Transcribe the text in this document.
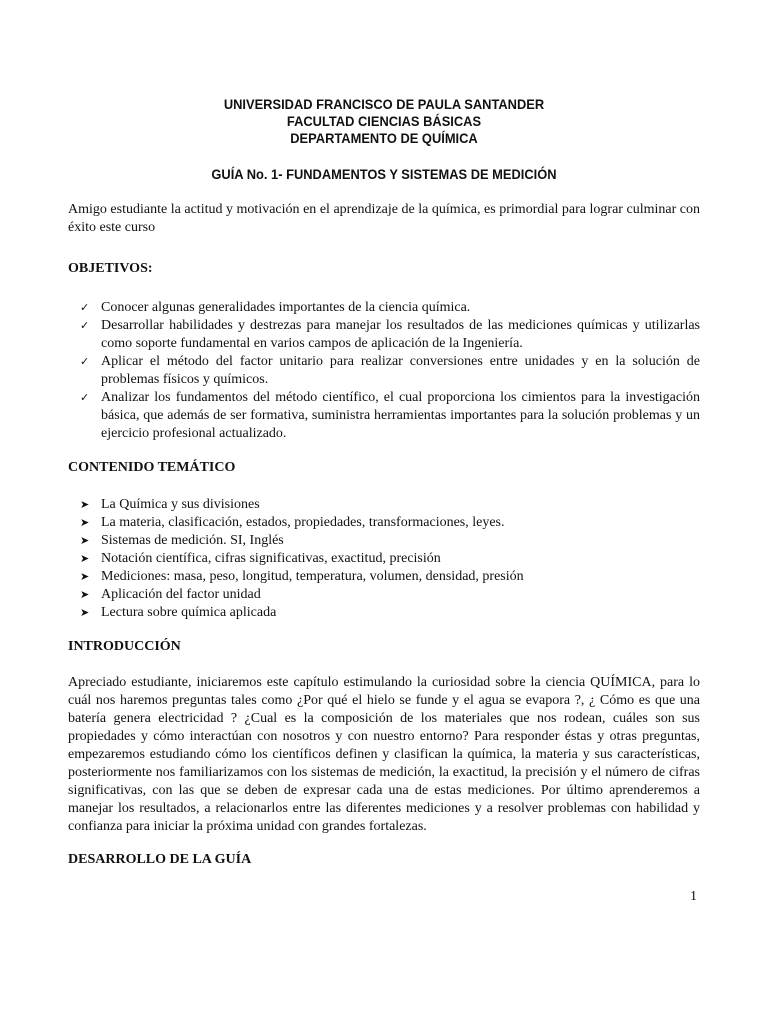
UNIVERSIDAD FRANCISCO DE PAULA SANTANDER
FACULTAD CIENCIAS BÁSICAS
DEPARTAMENTO DE QUÍMICA
GUÍA No. 1- FUNDAMENTOS Y SISTEMAS DE MEDICIÓN
Amigo estudiante la actitud y motivación en el aprendizaje de la química, es primordial para lograr culminar con éxito este curso
OBJETIVOS:
✓ Conocer algunas generalidades importantes de la ciencia química.
✓ Desarrollar habilidades y destrezas para manejar los resultados de las mediciones químicas y utilizarlas como soporte fundamental en varios campos de aplicación de la Ingeniería.
✓ Aplicar el método del factor unitario para realizar conversiones entre unidades y en la solución de problemas físicos y químicos.
✓ Analizar los fundamentos del método científico, el cual proporciona los cimientos para la investigación básica, que además de ser formativa, suministra herramientas importantes para la solución problemas y un ejercicio profesional actualizado.
CONTENIDO TEMÁTICO
➤ La Química y sus divisiones
➤ La materia, clasificación, estados, propiedades, transformaciones, leyes.
➤ Sistemas de medición. SI, Inglés
➤ Notación científica, cifras significativas, exactitud, precisión
➤ Mediciones: masa, peso, longitud, temperatura, volumen, densidad, presión
➤ Aplicación del factor unidad
➤ Lectura sobre química aplicada
INTRODUCCIÓN
Apreciado estudiante, iniciaremos este capítulo estimulando la curiosidad sobre la ciencia QUÍMICA, para lo cuál nos haremos preguntas tales como ¿Por qué el hielo se funde y el agua se evapora ?, ¿ Cómo es que una batería genera electricidad ? ¿Cual es la composición de los materiales que nos rodean, cuáles son sus propiedades y cómo interactúan con nosotros y con nuestro entorno? Para responder éstas y otras preguntas, empezaremos estudiando cómo los científicos definen y clasifican la química, la materia y sus características, posteriormente nos familiarizamos con los sistemas de medición, la exactitud, la precisión y el número de cifras significativas, con las que se deben de expresar cada una de estas mediciones. Por último aprenderemos a manejar los resultados, a relacionarlos entre las diferentes mediciones y a resolver problemas con habilidad y confianza para iniciar la próxima unidad con grandes fortalezas.
DESARROLLO DE LA GUÍA
1
